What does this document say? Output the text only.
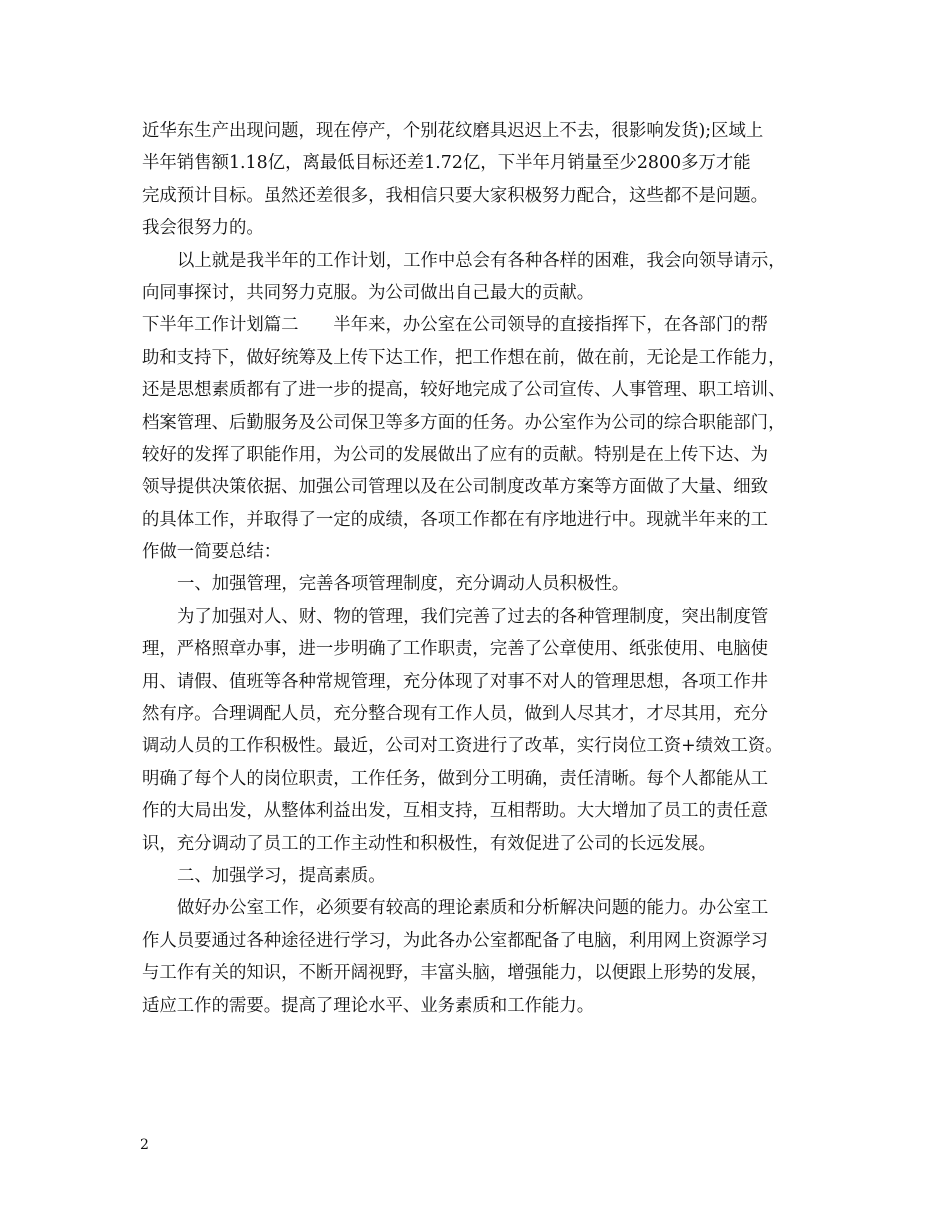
近华东生产出现问题，现在停产，个别花纹磨具迟迟上不去，很影响发货);区域上
半年销售额1.18亿，离最低目标还差1.72亿，下半年月销量至少2800多万才能
完成预计目标。虽然还差很多，我相信只要大家积极努力配合，这些都不是问题。
我会很努力的。
以上就是我半年的工作计划，工作中总会有各种各样的困难，我会向领导请示，
向同事探讨，共同努力克服。为公司做出自己最大的贡献。
下半年工作计划篇二　　半年来，办公室在公司领导的直接指挥下，在各部门的帮
助和支持下，做好统筹及上传下达工作，把工作想在前，做在前，无论是工作能力，
还是思想素质都有了进一步的提高，较好地完成了公司宣传、人事管理、职工培训、
档案管理、后勤服务及公司保卫等多方面的任务。办公室作为公司的综合职能部门，
较好的发挥了职能作用，为公司的发展做出了应有的贡献。特别是在上传下达、为
领导提供决策依据、加强公司管理以及在公司制度改革方案等方面做了大量、细致
的具体工作，并取得了一定的成绩，各项工作都在有序地进行中。现就半年来的工
作做一简要总结：
一、加强管理，完善各项管理制度，充分调动人员积极性。
为了加强对人、财、物的管理，我们完善了过去的各种管理制度，突出制度管
理，严格照章办事，进一步明确了工作职责，完善了公章使用、纸张使用、电脑使
用、请假、值班等各种常规管理，充分体现了对事不对人的管理思想，各项工作井
然有序。合理调配人员，充分整合现有工作人员，做到人尽其才，才尽其用，充分
调动人员的工作积极性。最近，公司对工资进行了改革，实行岗位工资+绩效工资。
明确了每个人的岗位职责，工作任务，做到分工明确，责任清晰。每个人都能从工
作的大局出发，从整体利益出发，互相支持，互相帮助。大大增加了员工的责任意
识，充分调动了员工的工作主动性和积极性，有效促进了公司的长远发展。
二、加强学习，提高素质。
做好办公室工作，必须要有较高的理论素质和分析解决问题的能力。办公室工
作人员要通过各种途径进行学习，为此各办公室都配备了电脑，利用网上资源学习
与工作有关的知识，不断开阔视野，丰富头脑，增强能力，以便跟上形势的发展，
适应工作的需要。提高了理论水平、业务素质和工作能力。
2
